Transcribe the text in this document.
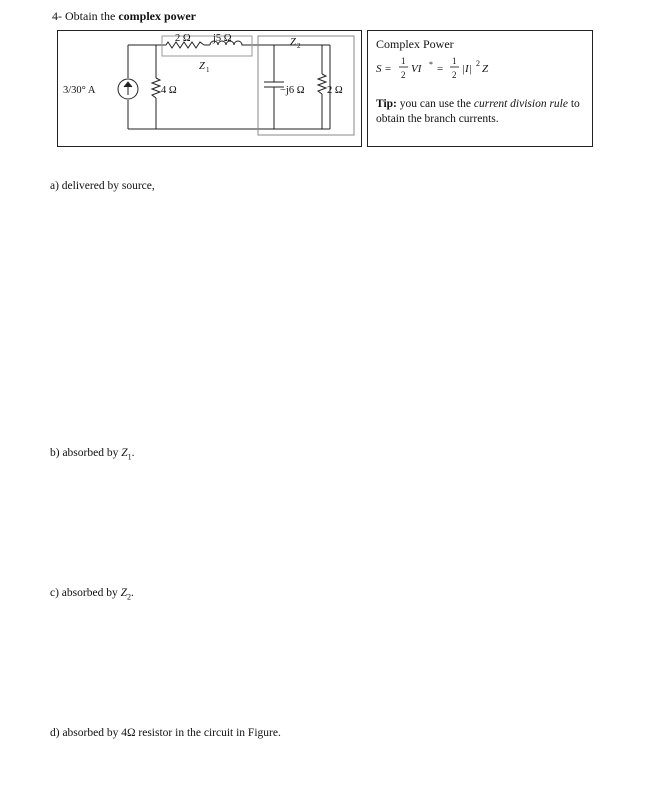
4- Obtain the complex power
3/30° A	4 Ω
2 Ω j5 Ω
Z 1
Z 2
−j6 Ω 2 Ω
Complex Power
S =
1
2 VI * =
1
2 |I| 2 Z
Tip: you can use the current division rule to obtain the branch currents.
a) delivered by source,
b) absorbed by $Z_1$.
c) absorbed by $Z_2$.
d) absorbed by 4Ω resistor in the circuit in Figure.
